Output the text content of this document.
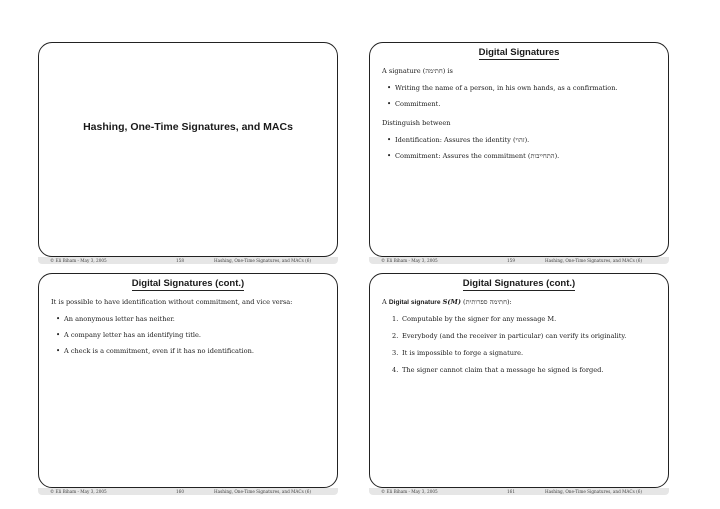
Hashing, One-Time Signatures, and MACs
© Eli Biham - May 3, 2005	158	Hashing, One-Time Signatures, and MACs (6)
Digital Signatures

A signature (חתימה) is

• Writing the name of a person, in his own hands, as a confirmation.
• Commitment.

Distinguish between

• Identification: Assures the identity (זהוי).
• Commitment: Assures the commitment (התחייבות).
© Eli Biham - May 3, 2005	159	Hashing, One-Time Signatures, and MACs (6)
Digital Signatures (cont.)

It is possible to have identification without commitment, and vice versa:

• An anonymous letter has neither.
• A company letter has an identifying title.
• A check is a commitment, even if it has no identification.
© Eli Biham - May 3, 2005	160	Hashing, One-Time Signatures, and MACs (6)
Digital Signatures (cont.)

A Digital signature S(M) (חתימה ספרותית):

1. Computable by the signer for any message M.
2. Everybody (and the receiver in particular) can verify its originality.
3. It is impossible to forge a signature.
4. The signer cannot claim that a message he signed is forged.
© Eli Biham - May 3, 2005	161	Hashing, One-Time Signatures, and MACs (6)
